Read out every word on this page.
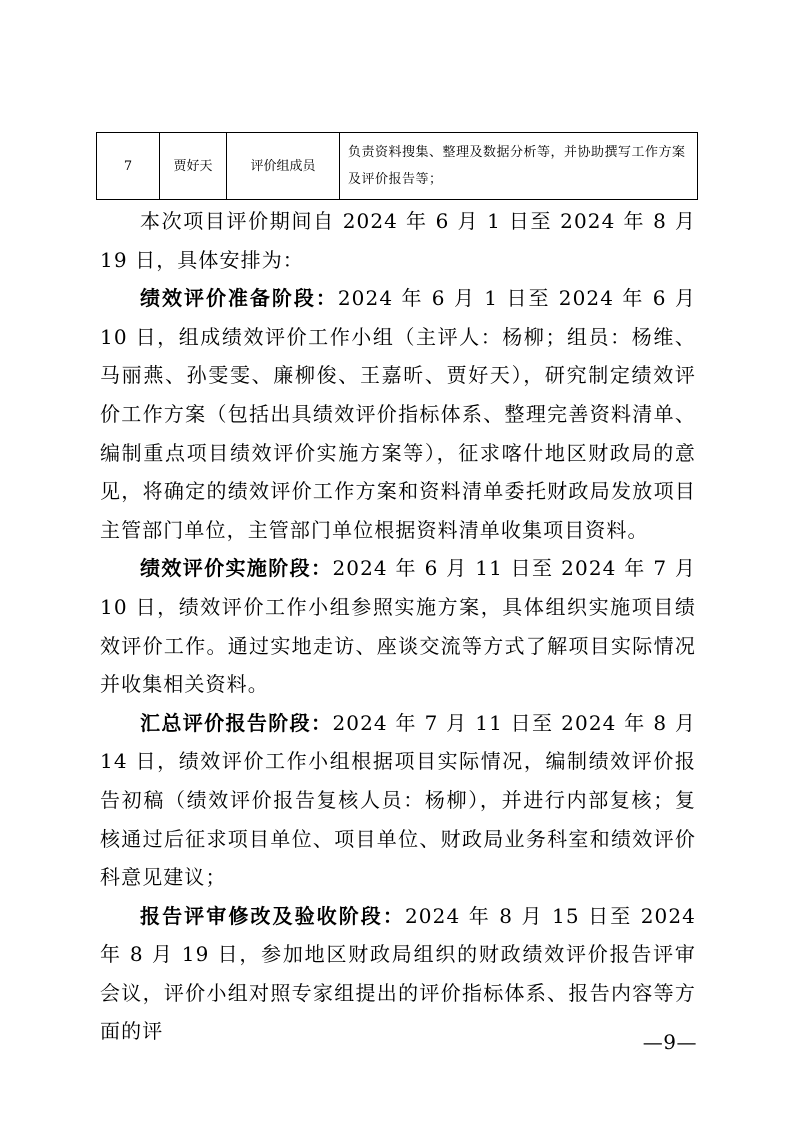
7	贾好天	评价组成员	负责资料搜集、整理及数据分析等，并协助撰写工作方案及评价报告等；

本次项目评价期间自 2024 年 6 月 1 日至 2024 年 8 月 19 日，具体安排为：

绩效评价准备阶段：2024 年 6 月 1 日至 2024 年 6 月 10 日，组成绩效评价工作小组（主评人：杨柳；组员：杨维、马丽燕、孙雯雯、廉柳俊、王嘉昕、贾好天），研究制定绩效评价工作方案（包括出具绩效评价指标体系、整理完善资料清单、编制重点项目绩效评价实施方案等），征求喀什地区财政局的意见，将确定的绩效评价工作方案和资料清单委托财政局发放项目主管部门单位，主管部门单位根据资料清单收集项目资料。

绩效评价实施阶段：2024 年 6 月 11 日至 2024 年 7 月 10 日，绩效评价工作小组参照实施方案，具体组织实施项目绩效评价工作。通过实地走访、座谈交流等方式了解项目实际情况并收集相关资料。

汇总评价报告阶段：2024 年 7 月 11 日至 2024 年 8 月 14 日，绩效评价工作小组根据项目实际情况，编制绩效评价报告初稿（绩效评价报告复核人员：杨柳），并进行内部复核；复核通过后征求项目单位、项目单位、财政局业务科室和绩效评价科意见建议；

报告评审修改及验收阶段：2024 年 8 月 15 日至 2024 年 8 月 19 日，参加地区财政局组织的财政绩效评价报告评审会议，评价小组对照专家组提出的评价指标体系、报告内容等方面的评	—9—
